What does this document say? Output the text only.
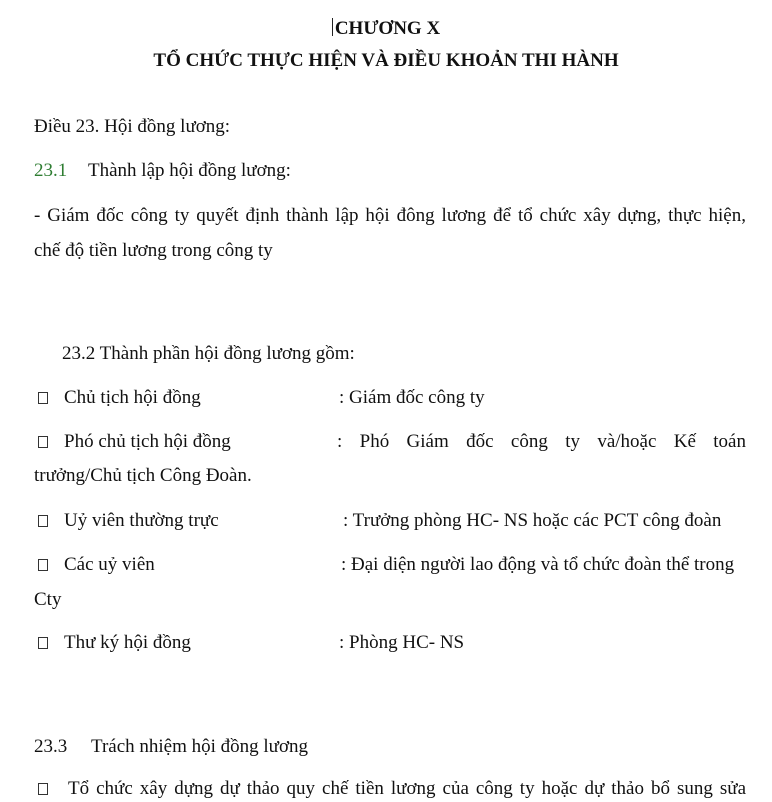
CHƯƠNG X
TỔ CHỨC THỰC HIỆN VÀ ĐIỀU KHOẢN THI HÀNH
Điều 23. Hội đồng lương:
23.1 Thành lập hội đồng lương:
- Giám đốc công ty quyết định thành lập hội đông lương để tổ chức xây dựng, thực hiện,
chế độ tiền lương trong công ty
23.2 Thành phần hội đồng lương gồm:
Chủ tịch hội đồng	: Giám đốc công ty
Phó chủ tịch hội đồng	: Phó Giám đốc công ty và/hoặc Kế toán
trưởng/Chủ tịch Công Đoàn.
Uỷ viên thường trực	: Trưởng phòng HC- NS hoặc các PCT công đoàn
Các uỷ viên	: Đại diện người lao động và tổ chức đoàn thể trong
Cty
Thư ký hội đồng	: Phòng HC- NS
23.3 Trách nhiệm hội đồng lương
Tổ chức xây dựng dự thảo quy chế tiền lương của công ty hoặc dự thảo bổ sung sửa
